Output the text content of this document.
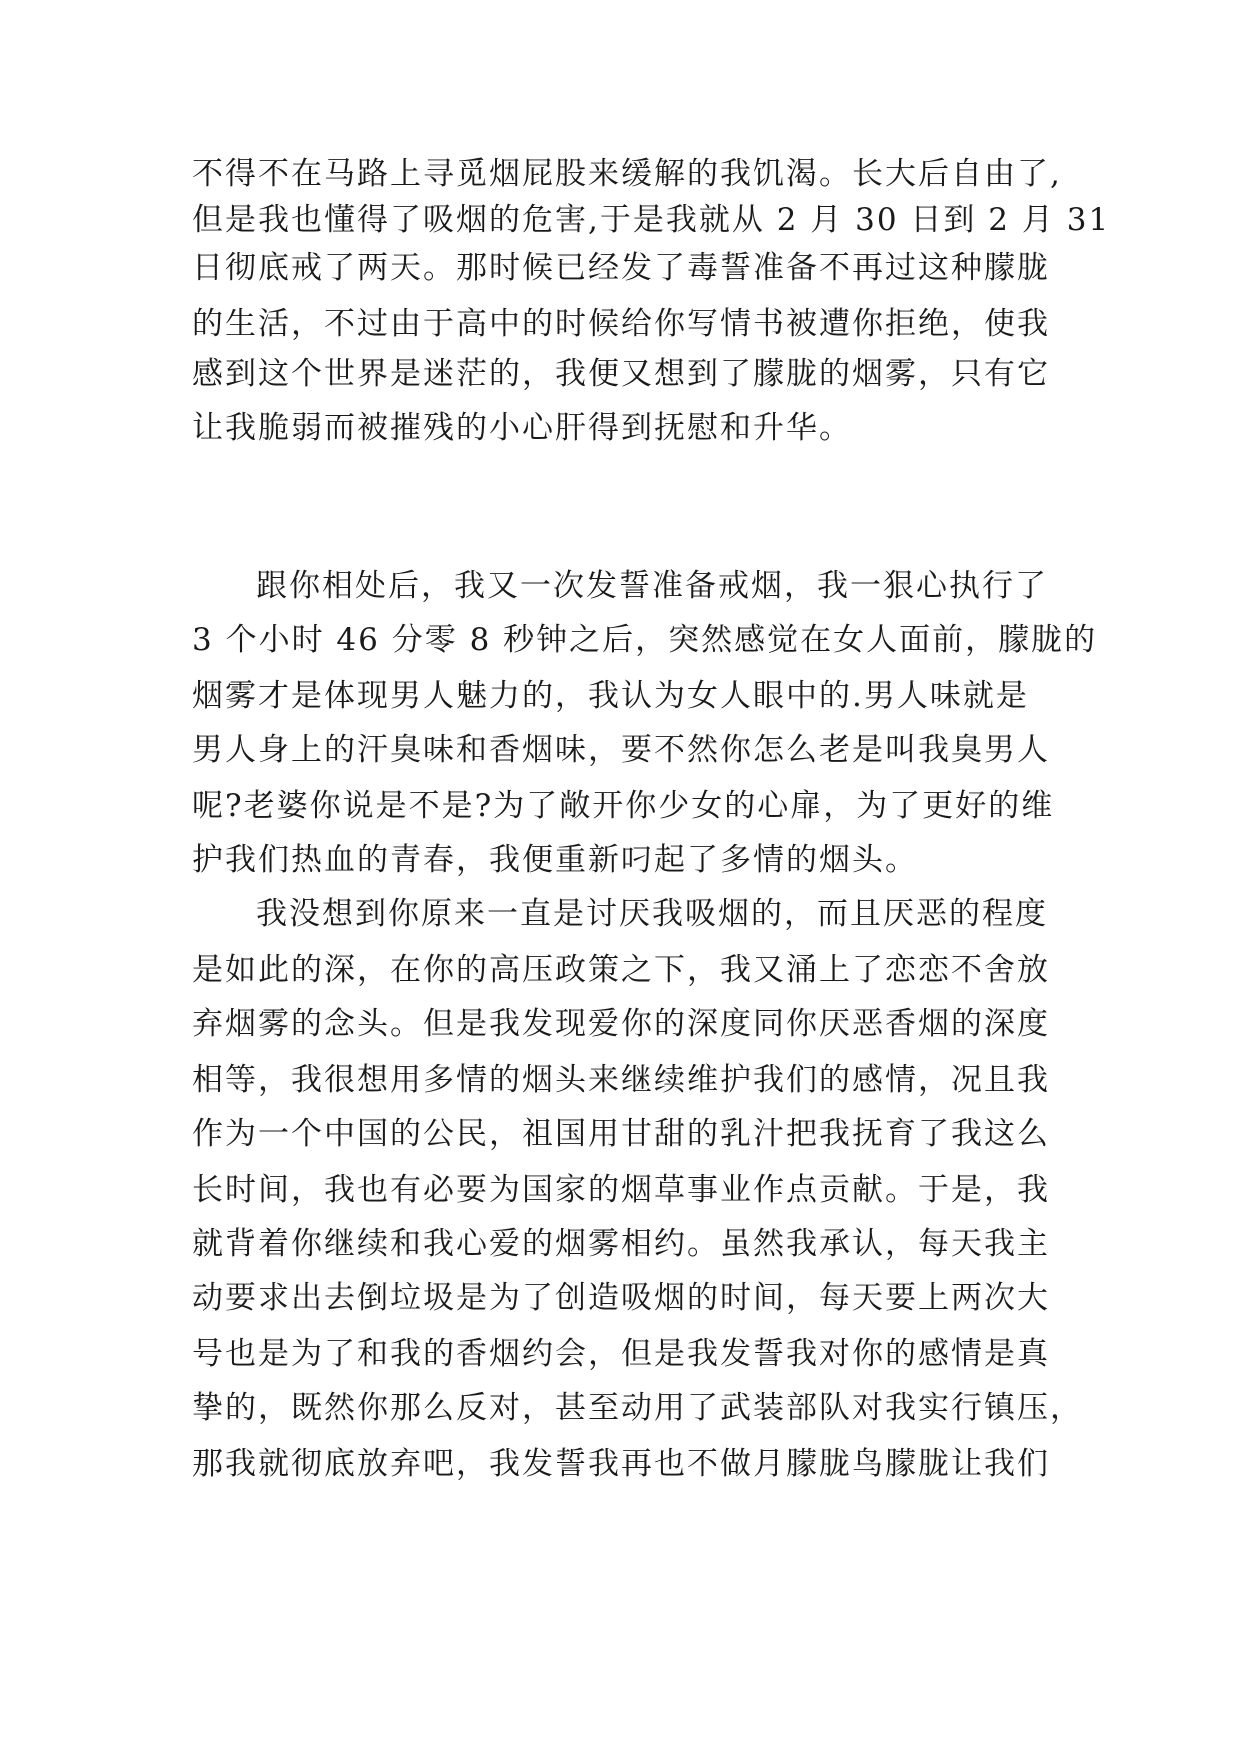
不得不在马路上寻觅烟屁股来缓解的我饥渴。长大后自由了,
但是我也懂得了吸烟的危害,于是我就从 2 月 30 日到 2 月 31
日彻底戒了两天。那时候已经发了毒誓准备不再过这种朦胧
的生活，不过由于高中的时候给你写情书被遭你拒绝，使我
感到这个世界是迷茫的，我便又想到了朦胧的烟雾，只有它
让我脆弱而被摧残的小心肝得到抚慰和升华。
跟你相处后，我又一次发誓准备戒烟，我一狠心执行了
3 个小时 46 分零 8 秒钟之后，突然感觉在女人面前，朦胧的
烟雾才是体现男人魅力的，我认为女人眼中的.男人味就是
男人身上的汗臭味和香烟味，要不然你怎么老是叫我臭男人
呢?老婆你说是不是?为了敞开你少女的心扉，为了更好的维
护我们热血的青春，我便重新叼起了多情的烟头。
我没想到你原来一直是讨厌我吸烟的，而且厌恶的程度
是如此的深，在你的高压政策之下，我又涌上了恋恋不舍放
弃烟雾的念头。但是我发现爱你的深度同你厌恶香烟的深度
相等，我很想用多情的烟头来继续维护我们的感情，况且我
作为一个中国的公民，祖国用甘甜的乳汁把我抚育了我这么
长时间，我也有必要为国家的烟草事业作点贡献。于是，我
就背着你继续和我心爱的烟雾相约。虽然我承认，每天我主
动要求出去倒垃圾是为了创造吸烟的时间，每天要上两次大
号也是为了和我的香烟约会，但是我发誓我对你的感情是真
挚的，既然你那么反对，甚至动用了武装部队对我实行镇压，
那我就彻底放弃吧，我发誓我再也不做月朦胧鸟朦胧让我们
